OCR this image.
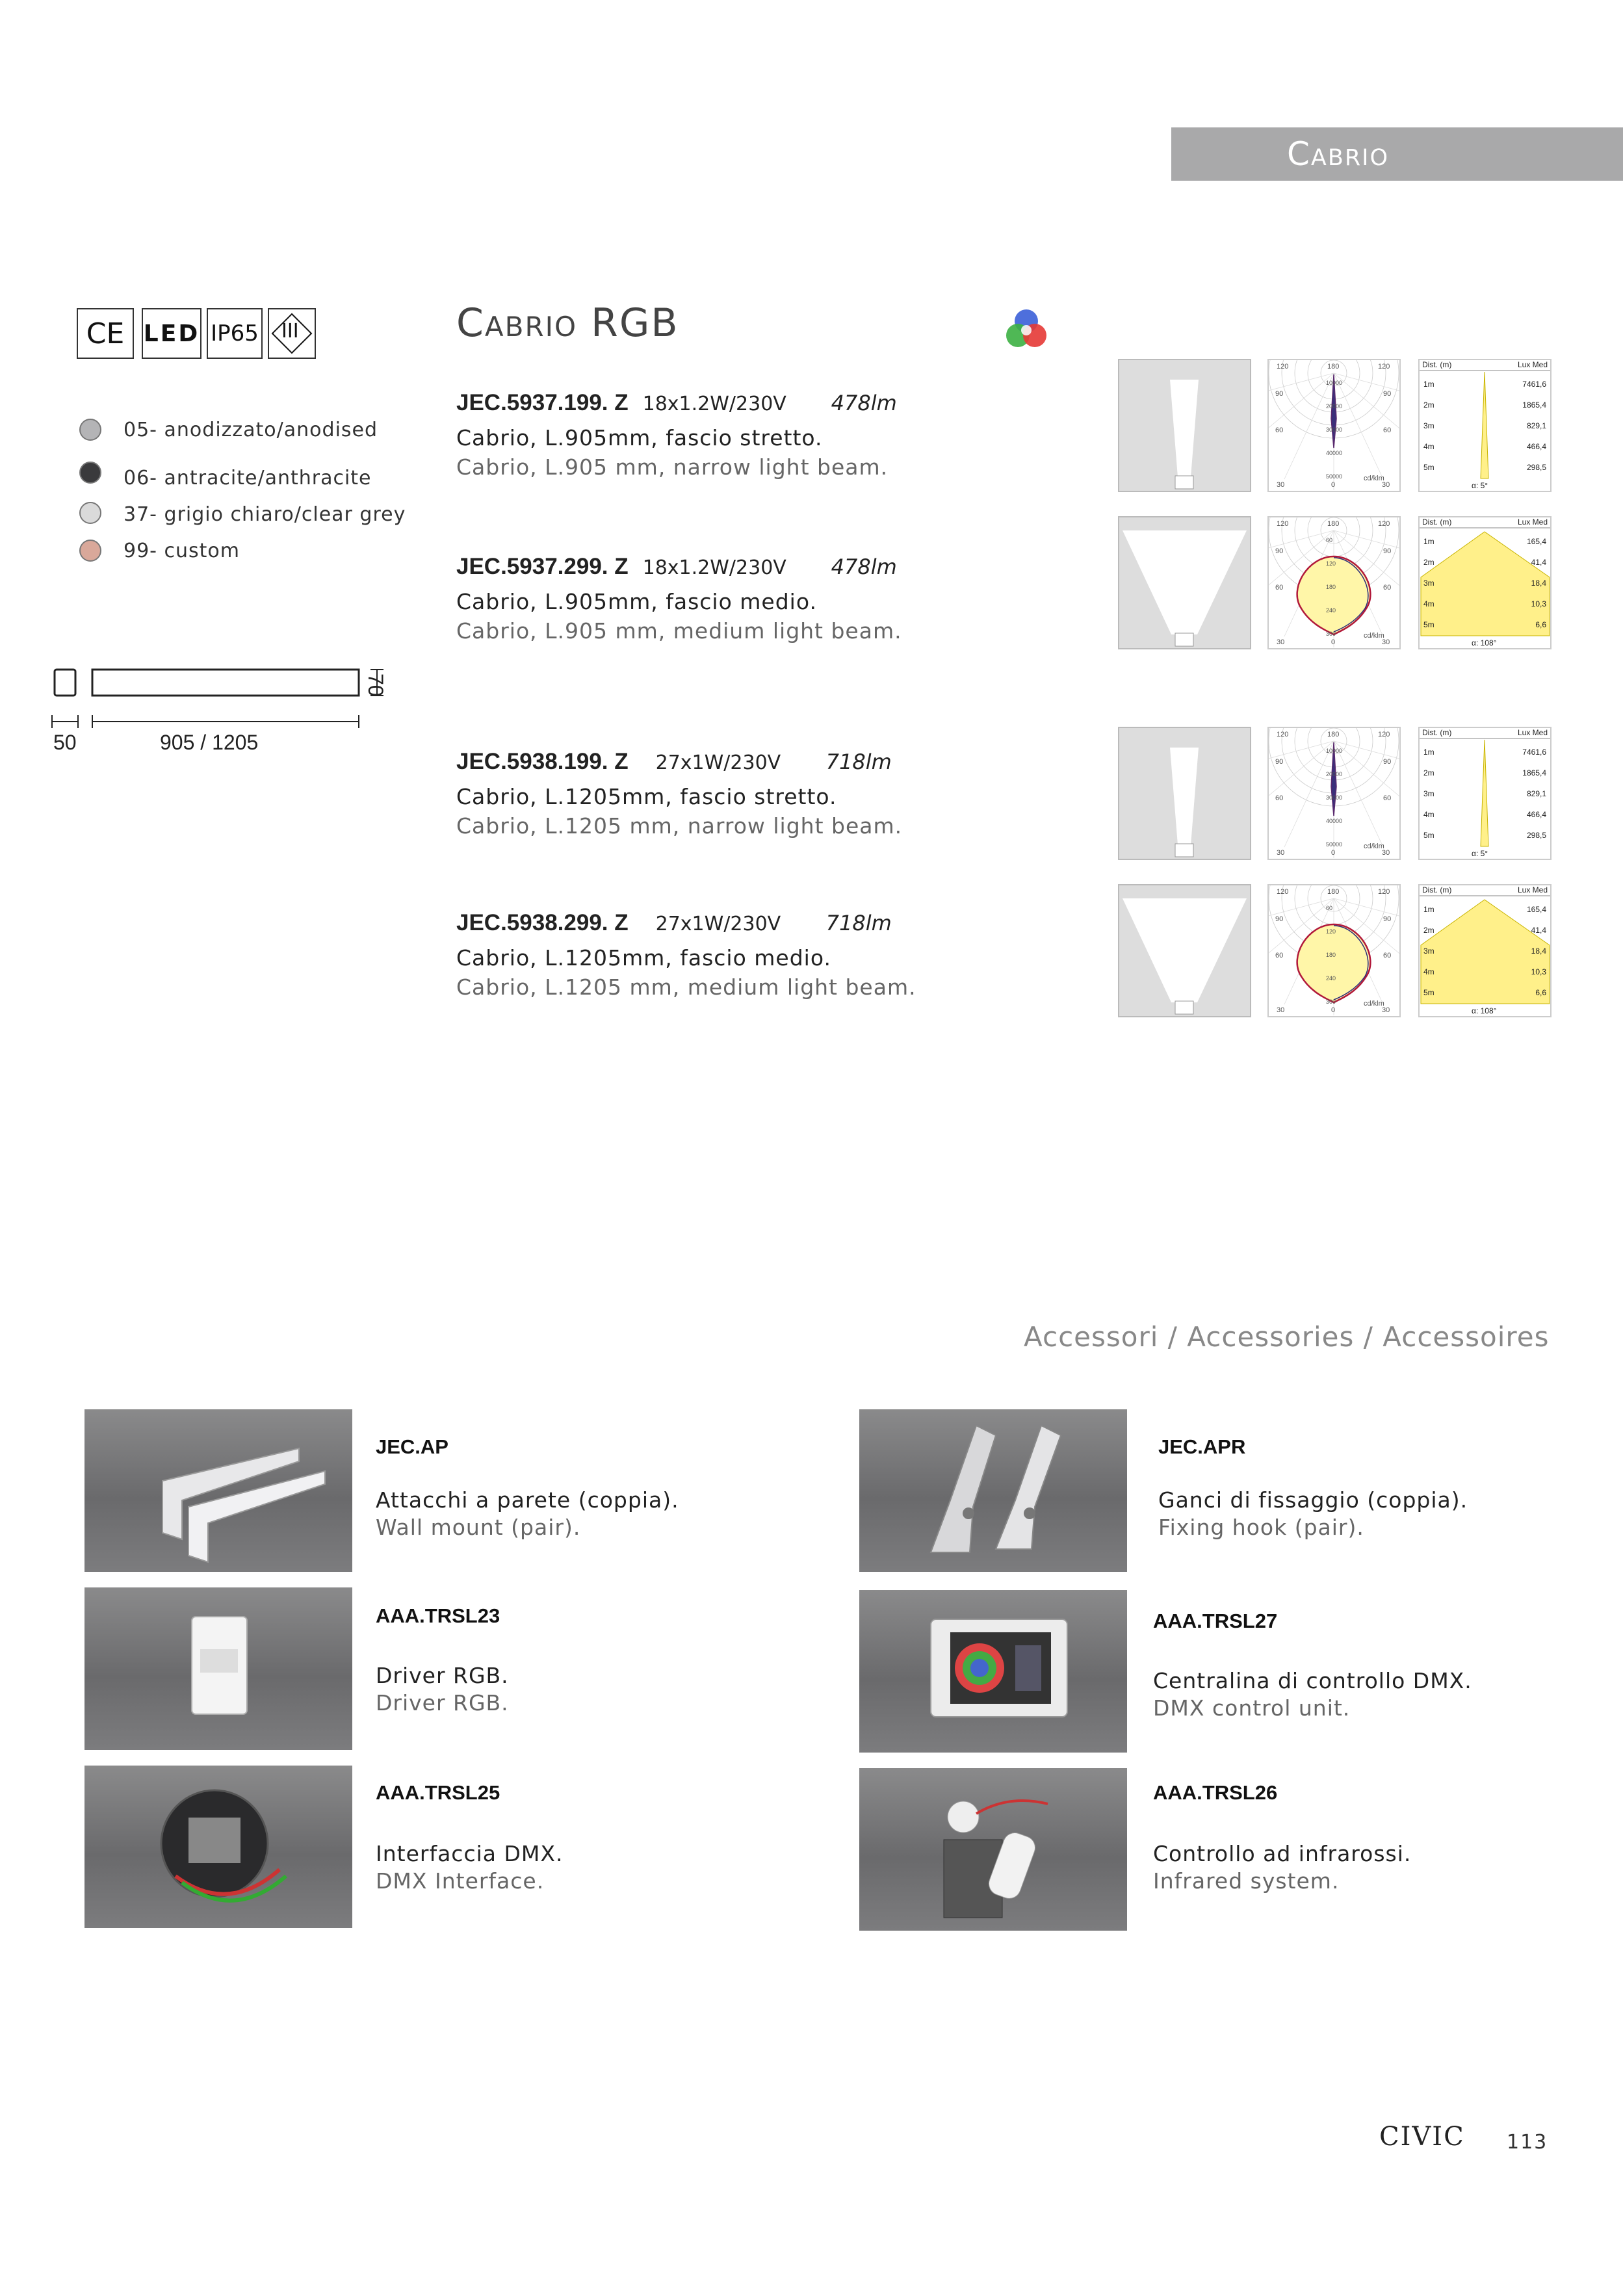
Cabrio
CE LED IP65 III
05- anodizzato/anodised
06- antracite/anthracite
37- grigio chiaro/clear grey
99- custom
50	905 / 1205
70
Cabrio RGB
JEC.5937.199. Z 18x1.2W/230V	478lm
Cabrio, L.905mm, fascio stretto.
Cabrio, L.905 mm, narrow light beam.
JEC.5937.299. Z 18x1.2W/230V	478lm
Cabrio, L.905mm, fascio medio.
Cabrio, L.905 mm, medium light beam.
JEC.5938.199. Z 27x1W/230V	718lm
Cabrio, L.1205mm, fascio stretto.
Cabrio, L.1205 mm, narrow light beam.
JEC.5938.299. Z 27x1W/230V	718lm
Cabrio, L.1205mm, fascio medio.
Cabrio, L.1205 mm, medium light beam.
120	180	120
90	90
60	60
30	0	30
cd/klm
10000
20000
30000
40000
50000
Dist. (m)	Lux Med
1m	7461,6
2m	1865,4
3m	829,1
4m	466,4
5m	298,5
α: 5°
120	180	120
90	90
60	60
30	0	30
cd/klm
60
120
180
240
300
Dist. (m)	Lux Med
1m	165,4
2m	41,4
3m	18,4
4m	10,3
5m	6,6
α: 108°
120	180	120
90	90
60	60
30	0	30
cd/klm
10000
20000
30000
40000
50000
Dist. (m)	Lux Med
1m	7461,6
2m	1865,4
3m	829,1
4m	466,4
5m	298,5
α: 5°
120	180	120
90	90
60	60
30	0	30
cd/klm
60
120
180
240
300
Dist. (m)	Lux Med
1m	165,4
2m	41,4
3m	18,4
4m	10,3
5m	6,6
α: 108°
Accessori / Accessories / Accessoires
JEC.AP
Attacchi a parete (coppia).
Wall mount (pair).
JEC.APR
Ganci di fissaggio (coppia).
Fixing hook (pair).
AAA.TRSL23
Driver RGB.
Driver RGB.
AAA.TRSL27
Centralina di controllo DMX.
DMX control unit.
AAA.TRSL25
Interfaccia DMX.
DMX Interface.
AAA.TRSL26
Controllo ad infrarossi.
Infrared system.
CIVIC 113
